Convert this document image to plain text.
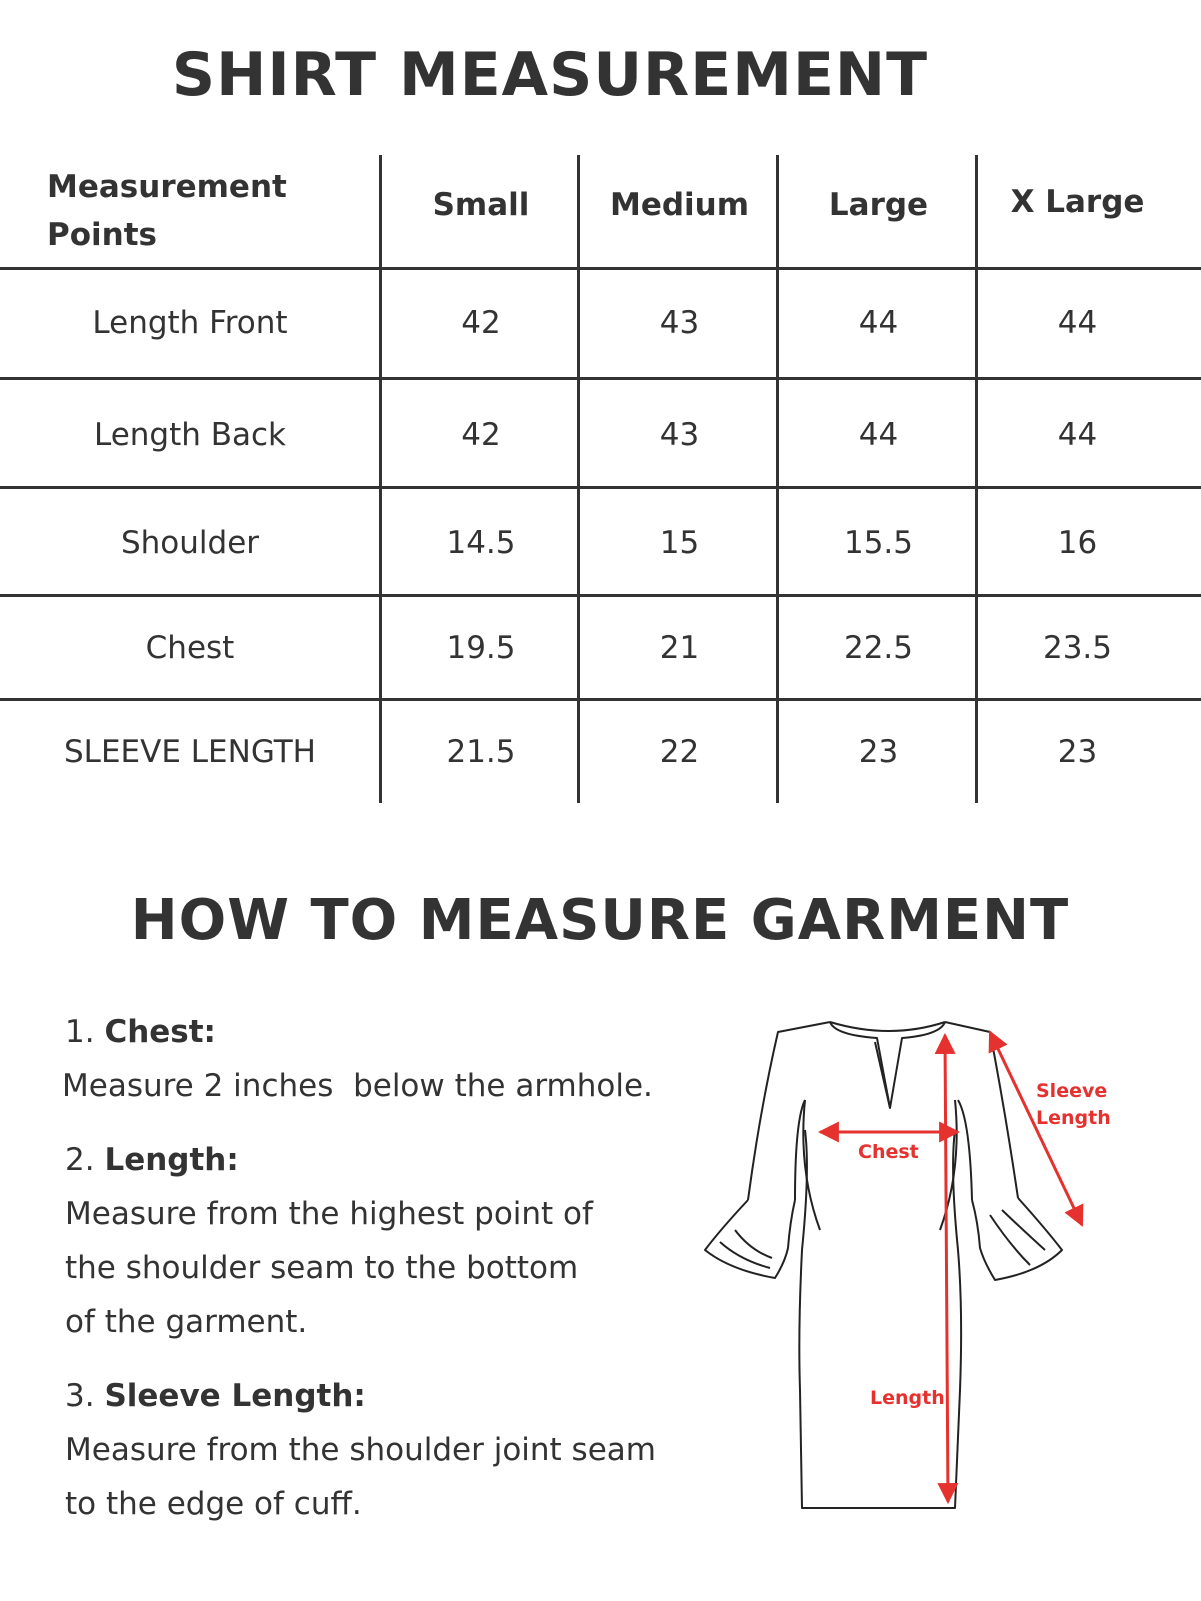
SHIRT MEASUREMENT
Measurement
Points
Small	Medium	Large	X Large
Length Front	42	43	44	44
Length Back	42	43	44	44
Shoulder	14.5	15	15.5	16
Chest	19.5	21	22.5	23.5
SLEEVE LENGTH	21.5	22	23	23
HOW TO MEASURE GARMENT

1. Chest:

Measure 2 inches  below the armhole.

2. Length:

Measure from the highest point of

the shoulder seam to the bottom

of the garment.

3. Sleeve Length:

Measure from the shoulder joint seam

to the edge of cuff.

Chest
Length
Sleeve
Length
